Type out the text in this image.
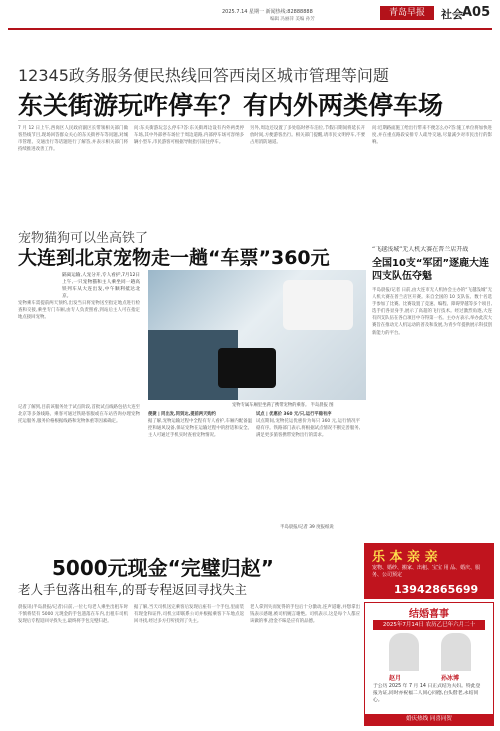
2025.7.14 星期一 新闻热线:82888888
编辑 冯丽萍 美编 孙芳
青岛早报	社会 A05
12345政务服务便民热线回答西岗区城市管理等问题
东关街游玩咋停车？有内外两类停车场
7 月 12 日上午,西岗区人民政府副区长带领相关部门做客热线节目,现场回答群众关心的东关街停车等问题,对城市管理、交通出行等话题进行了解答,并表示相关部门将持续推进改善工作。
问:东关街游玩怎么停车?答:东关街周边设有内外两类停车场,其中外部停车场位于周边道路,内部停车场可容纳多辆小型车,市民游客可根据导航指引前往停车。
另外,周边还设置了多处临时停车泊位,节假日期间将延长开放时间,方便游客出行。相关部门提醒,请市民文明停车,不要占用消防通道。
问:近期路面施工给出行带来不便怎么办?答:施工单位将加快进度,并在重点路段安排专人疏导交通,尽量减少对市民出行的影响。
宠物猫狗可以坐高铁了
大连到北京宠物走一趟“车票”360元
隔离运输,人宠分开,专人看护,7月12日上午,一只宠物猫和主人乘坐同一趟高铁列车从大连出发,中午顺利抵达北京。
宠物专属车厢里坐满了携带宠物的乘客。 半岛晨报 图
宠物乘车需提前两天预约,出发当日将宠物送至指定地点进行检查和交接,乘坐专门车厢,由专人负责照看,到站后主人可在指定地点接回宠物。
记者了解到,目前该服务处于试点阶段,首批试点线路包括大连至北京等多条线路。乘客可通过铁路客服或在车站咨询办理宠物托运服务,服务价格根据线路和宠物体重等因素确定。
便捷 | 同出发,同到达,提前两天购约	试点 | 优惠价 360 元/只,运行平稳有序
据了解,宠物运输过程中全程有专人看护,车厢内配备温控和通风设备,保证宠物在运输过程中的舒适和安全。主人可通过手机实时查看宠物情况。
试点期间,宠物托运优惠价为每只 360 元,运行情况平稳有序。铁路部门表示,将根据试点情况不断完善服务,满足更多旅客携带宠物出行的需求。
半岛晨报/记者 39 度报纸说
“飞越浅城”无人机大赛在普兰店开战
全国10支“军团”逐鹿大连四支队伍夺魁
半岛晨报/记者 日前,由大连市无人机协会主办的“飞越浅城”无人机大赛在普兰店区开赛。来自全国的 10 支队伍、数十名选手参加了比赛。比赛设置了竞速、编程、障碍穿越等多个项目,选手们各显身手,展示了高超的飞行技术。经过激烈角逐,大连有四支队伍在各自项目中夺得第一名。主办方表示,举办此次大赛旨在推动无人机运动的普及和发展,为青少年提供展示科技创新能力的平台。
5000元现金“完璧归赵”
老人手包落出租车,的哥专程返回寻找失主
晨报讯(半岛晨报/记者)日前,一位七旬老人乘坐出租车时不慎将装有 5000 元现金的手包遗落在车内,出租车司机发现后专程返回寻找失主,最终将手包完璧归赵。
据了解,当天司机送完乘客后发现后座有一个手包,里面装有现金和证件,司机立即联系公司并根据乘客下车地点返回寻找,经过多方打听找到了失主。
老人拿到失而复得的手包后十分激动,连声道谢,并想拿出钱表示感谢,被司机婉言谢绝。司机表示,这是每个人都应该做的事,拾金不昧是应有的品德。
乐 本 亲 亲
宠物、婚纱、搬家、出租、宝宝 用 品、婚庆、服务、公司预定
13942865699
结婚喜事
2025年7月14日 农历乙巳年六月二十
赵月	孙冰博
于公历 2025 年 7 月 14 日正式结为夫妇。特此登报为证,同时亦祝福二人同心同德,白头偕老,永结同心。
婚庆热线 同喜同贺
